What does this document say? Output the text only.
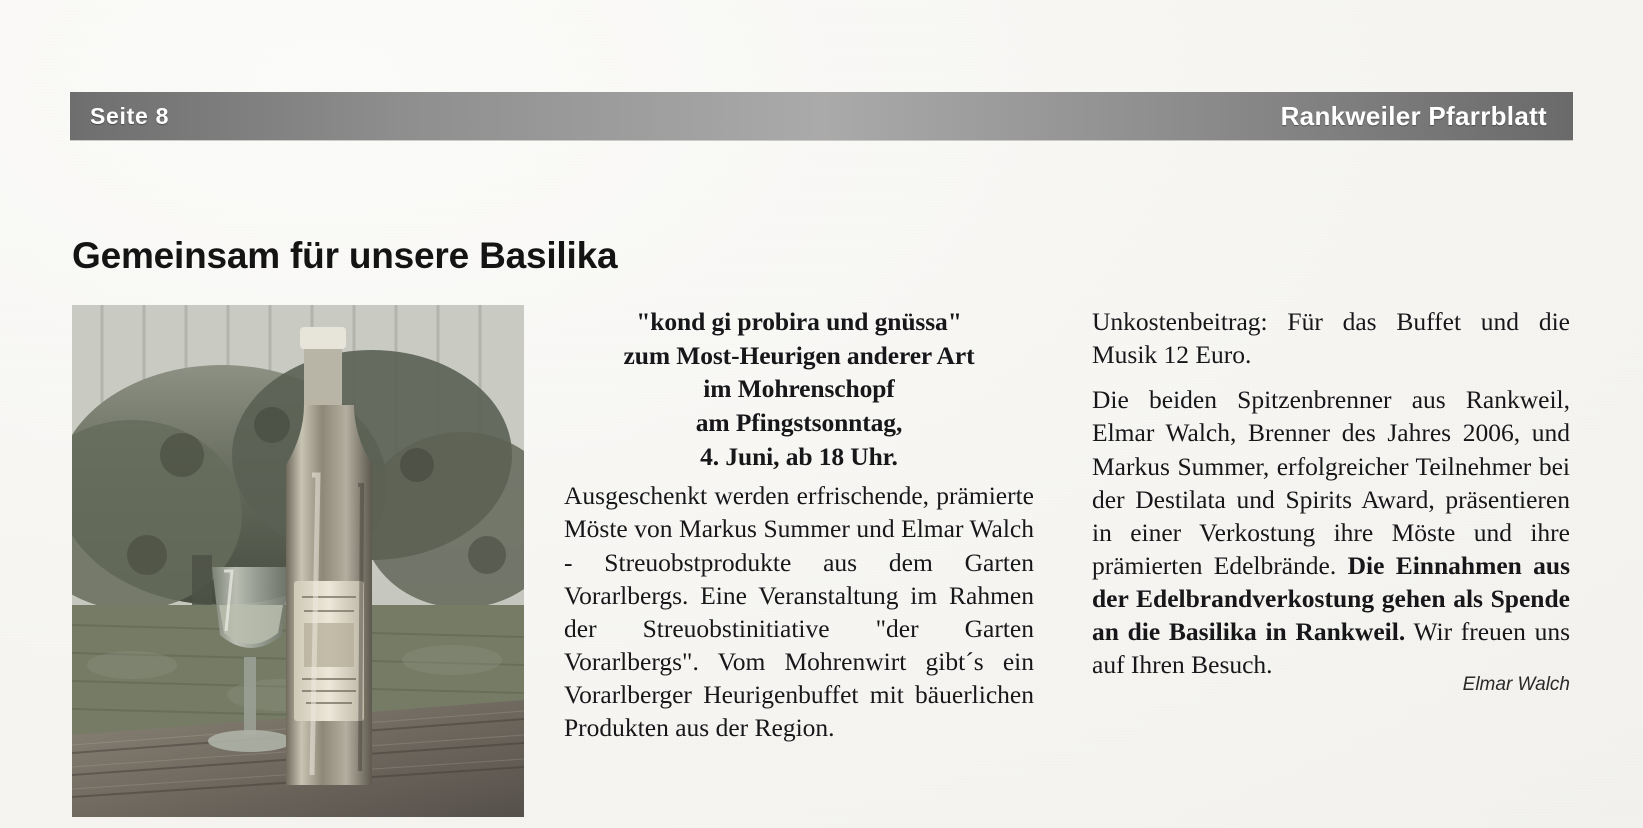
Seite 8	Rankweiler Pfarrblatt
Gemeinsam für unsere Basilika
"kond gi probira und gnüssa"
zum Most-Heurigen anderer Art
im Mohrenschopf
am Pfingstsonntag,
4. Juni, ab 18 Uhr.

Ausgeschenkt werden erfrischende, prämierte Möste von Markus Summer und Elmar Walch - Streuobstprodukte aus dem Garten Vorarlbergs. Eine Veranstaltung im Rahmen der Streuobstinitiative "der Garten Vorarlbergs". Vom Mohrenwirt gibt´s ein Vorarlberger Heurigenbuffet mit bäuerlichen Produkten aus der Region.

Unkostenbeitrag: Für das Buffet und die Musik 12 Euro.

Die beiden Spitzenbrenner aus Rankweil, Elmar Walch, Brenner des Jahres 2006, und Markus Summer, erfolgreicher Teilnehmer bei der Destilata und Spirits Award, präsentieren in einer Verkostung ihre Möste und ihre prämierten Edelbrände. Die Einnahmen aus der Edelbrandverkostung gehen als Spende an die Basilika in Rankweil. Wir freuen uns auf Ihren Besuch.

Elmar Walch
